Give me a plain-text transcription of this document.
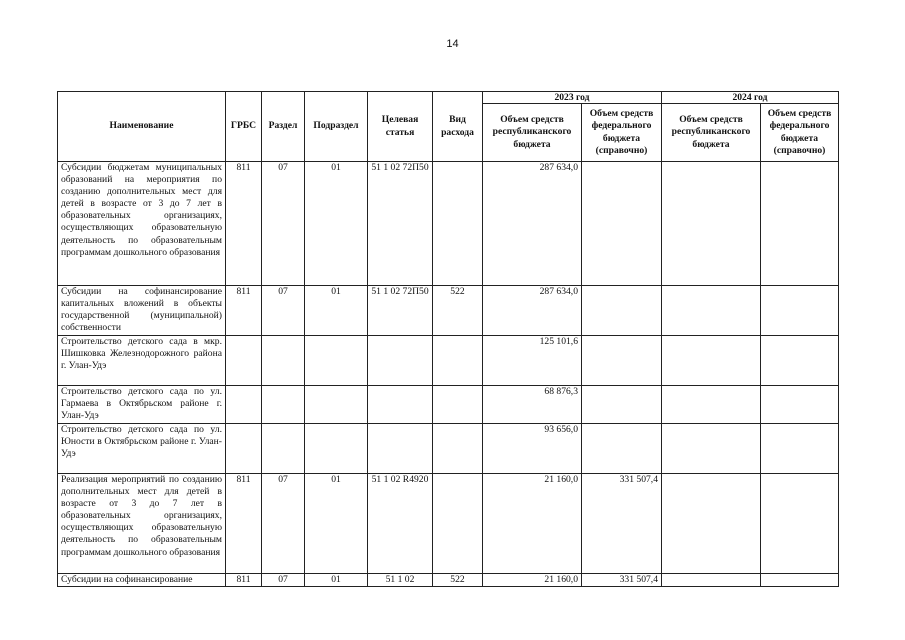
14
Наименование	ГРБС	Раздел	Подраздел	Целевая статья	Вид расхода	2023 год		2024 год	
						Объем средств республиканского бюджета	Объем средств федерального бюджета (справочно)	Объем средств республиканского бюджета	Объем средств федерального бюджета (справочно)
Субсидии бюджетам муниципальных образований на мероприятия по созданию дополнительных мест для детей в возрасте от 3 до 7 лет в образовательных организациях, осуществляющих образовательную деятельность по образовательным программам дошкольного образования	811	07	01	51 1 02 72П50		287 634,0			
Субсидии на софинансирование капитальных вложений в объекты государственной (муниципальной) собственности	811	07	01	51 1 02 72П50	522	287 634,0			
Строительство детского сада в мкр. Шишковка Железнодорожного района г. Улан-Удэ						125 101,6			
Строительство детского сада по ул. Гармаева в Октябрьском районе г. Улан-Удэ						68 876,3			
Строительство детского сада по ул. Юности в Октябрьском районе г. Улан-Удэ						93 656,0			
Реализация мероприятий по созданию дополнительных мест для детей в возрасте от 3 до 7 лет в образовательных организациях, осуществляющих образовательную деятельность по образовательным программам дошкольного образования	811	07	01	51 1 02 R4920		21 160,0	331 507,4		
Субсидии на софинансирование	811	07	01	51 1 02	522	21 160,0	331 507,4		
